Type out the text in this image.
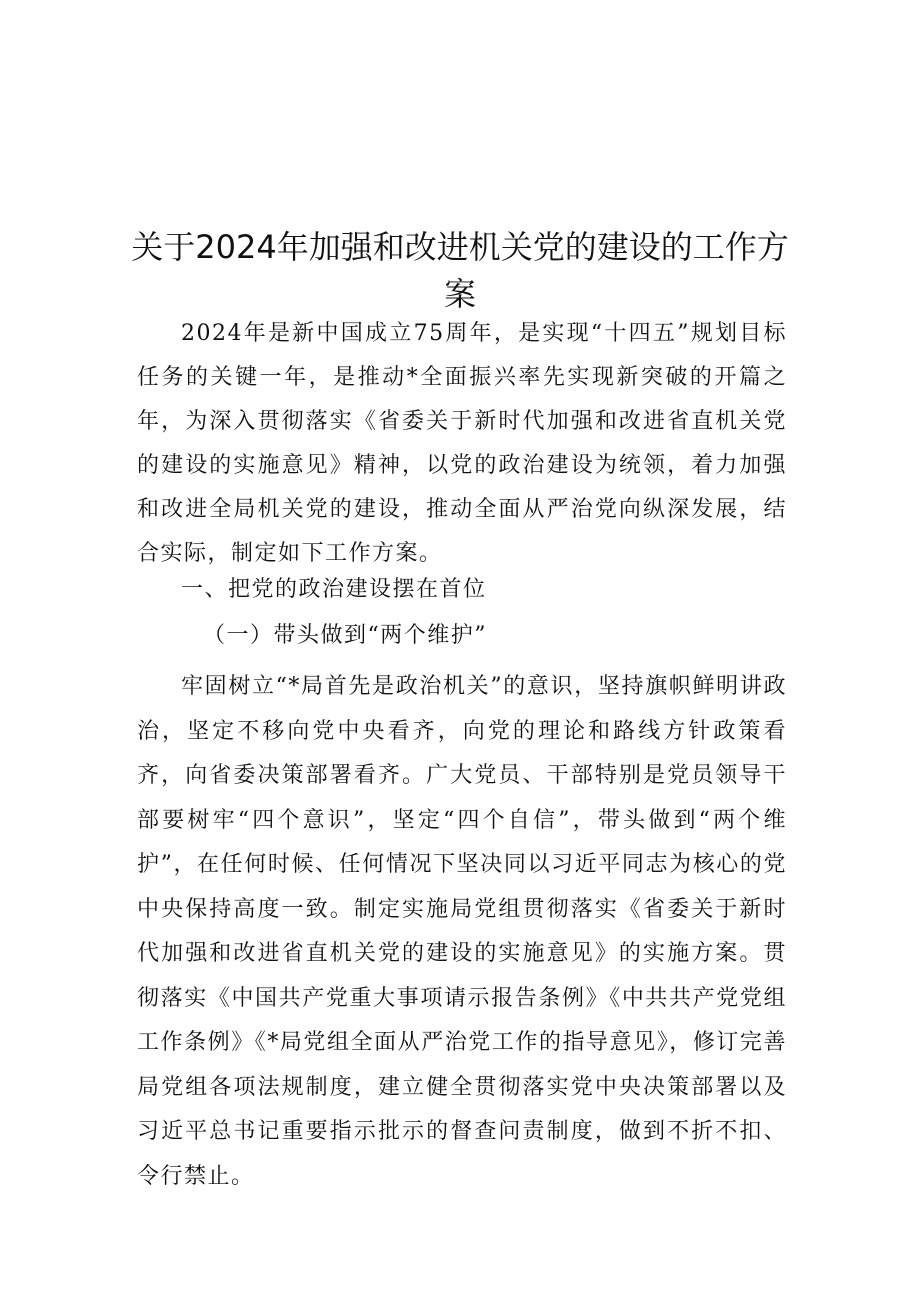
关于2024年加强和改进机关党的建设的工作方案

2024年是新中国成立75周年，是实现“十四五”规划目标任务的关键一年，是推动*全面振兴率先实现新突破的开篇之年，为深入贯彻落实《省委关于新时代加强和改进省直机关党的建设的实施意见》精神，以党的政治建设为统领，着力加强和改进全局机关党的建设，推动全面从严治党向纵深发展，结合实际，制定如下工作方案。

一、把党的政治建设摆在首位

（一）带头做到“两个维护”

牢固树立“*局首先是政治机关”的意识，坚持旗帜鲜明讲政治，坚定不移向党中央看齐，向党的理论和路线方针政策看齐，向省委决策部署看齐。广大党员、干部特别是党员领导干部要树牢“四个意识”，坚定“四个自信”，带头做到“两个维护”，在任何时候、任何情况下坚决同以习近平同志为核心的党中央保持高度一致。制定实施局党组贯彻落实《省委关于新时代加强和改进省直机关党的建设的实施意见》的实施方案。贯彻落实《中国共产党重大事项请示报告条例》《中共共产党党组工作条例》《*局党组全面从严治党工作的指导意见》，修订完善局党组各项法规制度，建立健全贯彻落实党中央决策部署以及习近平总书记重要指示批示的督查问责制度，做到不折不扣、令行禁止。
